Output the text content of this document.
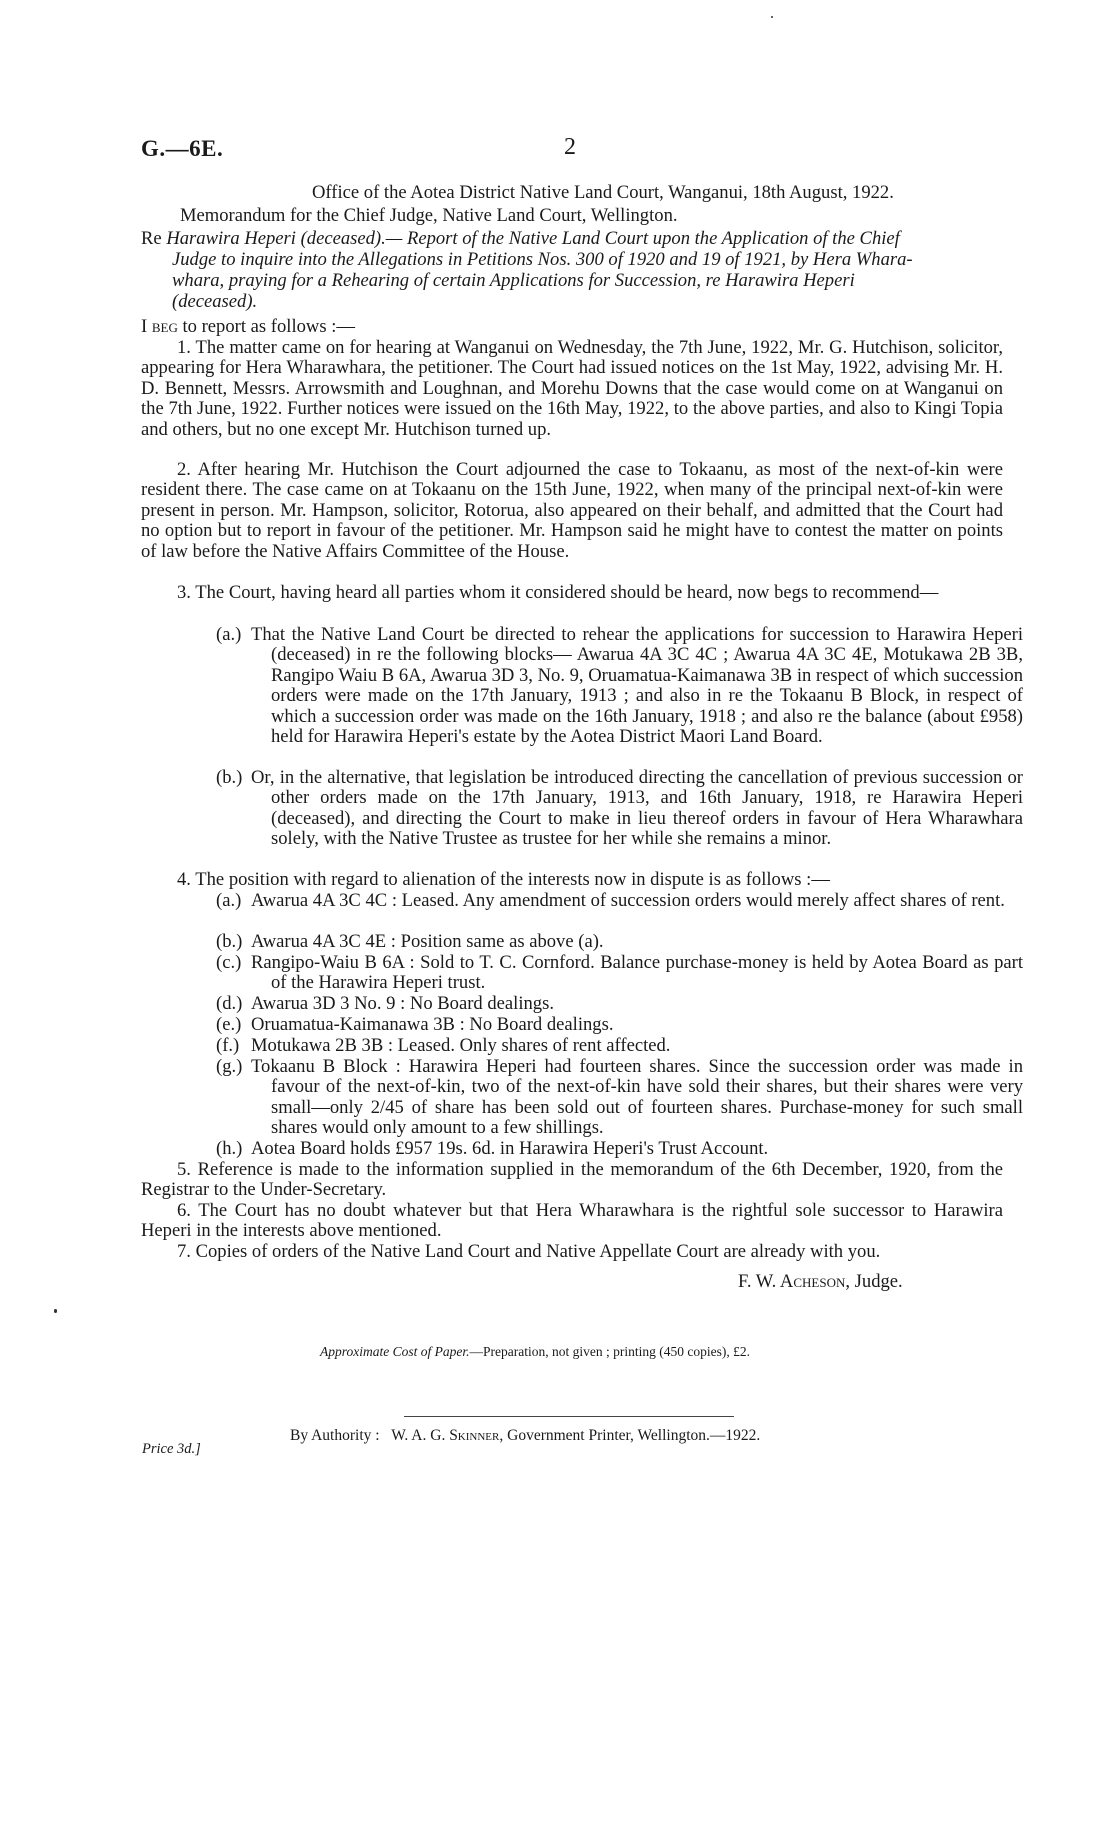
G.—6E.	2
Office of the Aotea District Native Land Court, Wanganui, 18th August, 1922.
Memorandum for the Chief Judge, Native Land Court, Wellington.
Re Harawira Heperi (deceased).— Report of the Native Land Court upon the Application of the Chief
Judge to inquire into the Allegations in Petitions Nos. 300 of 1920 and 19 of 1921, by Hera Whara-
whara, praying for a Rehearing of certain Applications for Succession, re Harawira Heperi
(deceased).
I beg to report as follows :—
1. The matter came on for hearing at Wanganui on Wednesday, the 7th June, 1922, Mr. G. Hutchison, solicitor, appearing for Hera Wharawhara, the petitioner. The Court had issued notices on the 1st May, 1922, advising Mr. H. D. Bennett, Messrs. Arrowsmith and Loughnan, and Morehu Downs that the case would come on at Wanganui on the 7th June, 1922. Further notices were issued on the 16th May, 1922, to the above parties, and also to Kingi Topia and others, but no one except Mr. Hutchison turned up.
2. After hearing Mr. Hutchison the Court adjourned the case to Tokaanu, as most of the next-of-kin were resident there. The case came on at Tokaanu on the 15th June, 1922, when many of the principal next-of-kin were present in person. Mr. Hampson, solicitor, Rotorua, also appeared on their behalf, and admitted that the Court had no option but to report in favour of the petitioner. Mr. Hampson said he might have to contest the matter on points of law before the Native Affairs Committee of the House.
3. The Court, having heard all parties whom it considered should be heard, now begs to recommend—
(a.) That the Native Land Court be directed to rehear the applications for succession to Harawira Heperi (deceased) in re the following blocks— Awarua 4A 3C 4C ; Awarua 4A 3C 4E, Motukawa 2B 3B, Rangipo Waiu B 6A, Awarua 3D 3, No. 9, Oruamatua-Kaimanawa 3B in respect of which succession orders were made on the 17th January, 1913 ; and also in re the Tokaanu B Block, in respect of which a succession order was made on the 16th January, 1918 ; and also re the balance (about £958) held for Harawira Heperi's estate by the Aotea District Maori Land Board.
(b.) Or, in the alternative, that legislation be introduced directing the cancellation of previous succession or other orders made on the 17th January, 1913, and 16th January, 1918, re Harawira Heperi (deceased), and directing the Court to make in lieu thereof orders in favour of Hera Wharawhara solely, with the Native Trustee as trustee for her while she remains a minor.
4. The position with regard to alienation of the interests now in dispute is as follows :—
(a.) Awarua 4A 3C 4C : Leased. Any amendment of succession orders would merely affect shares of rent.
(b.) Awarua 4A 3C 4E : Position same as above (a).
(c.) Rangipo-Waiu B 6A : Sold to T. C. Cornford. Balance purchase-money is held by Aotea Board as part of the Harawira Heperi trust.
(d.) Awarua 3D 3 No. 9 : No Board dealings.
(e.) Oruamatua-Kaimanawa 3B : No Board dealings.
(f.) Motukawa 2B 3B : Leased. Only shares of rent affected.
(g.) Tokaanu B Block : Harawira Heperi had fourteen shares. Since the succession order was made in favour of the next-of-kin, two of the next-of-kin have sold their shares, but their shares were very small—only 2/45 of share has been sold out of fourteen shares. Purchase-money for such small shares would only amount to a few shillings.
(h.) Aotea Board holds £957 19s. 6d. in Harawira Heperi's Trust Account.
5. Reference is made to the information supplied in the memorandum of the 6th December, 1920, from the Registrar to the Under-Secretary.
6. The Court has no doubt whatever but that Hera Wharawhara is the rightful sole successor to Harawira Heperi in the interests above mentioned.
7. Copies of orders of the Native Land Court and Native Appellate Court are already with you.
F. W. Acheson, Judge.
Approximate Cost of Paper.—Preparation, not given ; printing (450 copies), £2.
By Authority : W. A. G. Skinner, Government Printer, Wellington.—1922.
Price 3d.]
